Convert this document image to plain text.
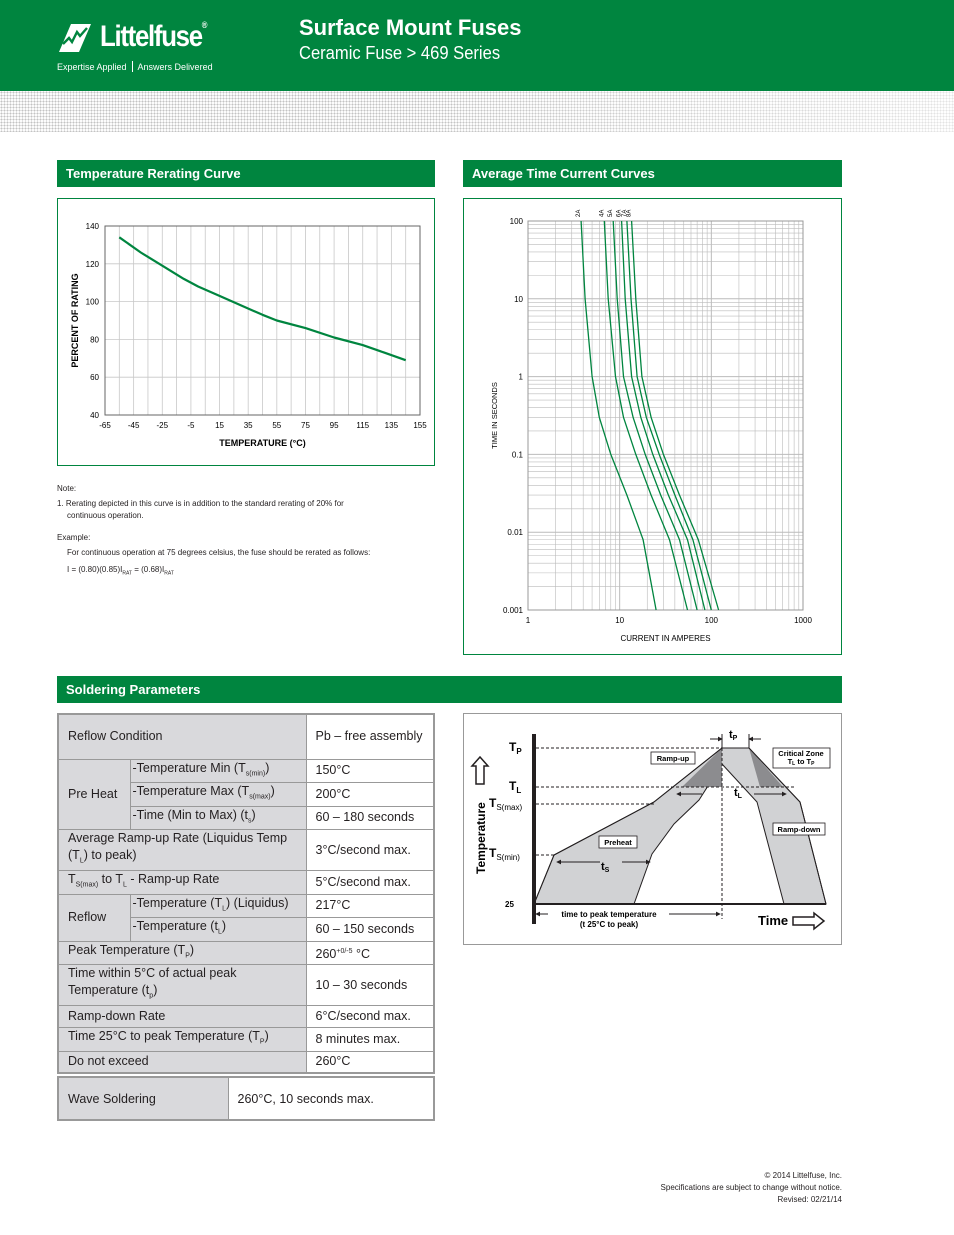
Littelfuse®
Expertise Applied Answers Delivered
Surface Mount Fuses
Ceramic Fuse > 469 Series
Temperature Rerating Curve
40
60
80
100
120
140
-65 -45 -25 -5	15 35 55 75 95 115 135 155
TEMPERATURE (°C)
PERCENT OF RATING

Note:

1. Rerating depicted in this curve is in addition to the standard rerating of 20% for

continuous operation.

Example:

For continuous operation at 75 degrees celsius, the fuse should be rerated as follows:

$I = (0.80)(0.85)I_{RAT} = (0.68)I_{RAT}$

Average Time Current Curves
0.001
0.01
0.1
1
10
100
1	10	100	1000
2A	4A 5A 6A 7A
8A
CURRENT IN AMPERES
TIME IN SECONDS
Soldering Parameters
Reflow Condition		Pb – free assembly
Pre Heat	-Temperature Min $(T_{s(min)})$	150°C
	-Temperature Max $(T_{s(max)})$	200°C
	-Time (Min to Max) $(t_s)$	60 – 180 seconds
Average Ramp-up Rate (Liquidus Temp $(T_L)$ to peak)		3°C/second max.
$T_{S(max)}$ to $T_L$ - Ramp-up Rate		5°C/second max.
Reflow	-Temperature $(T_L)$ (Liquidus)	217°C
	-Temperature $(t_L)$	60 – 150 seconds
Peak Temperature $(T_P)$		$260^{+0/-5}$ °C
Time within 5°C of actual peak Temperature $(t_p)$		10 – 30 seconds
Ramp-down Rate		6°C/second max.
Time 25°C to peak Temperature $(T_P)$		8 minutes max.
Do not exceed		260°C
Wave Soldering	260°C, 10 seconds max.
$T_P$
$T_L$
$T_{S(max)}$
$T_{S(min)}$
25
Temperature
Time
tP
tL
tS
Ramp-up
Ramp-down
Preheat
Critical Zone
TL to TP
time to peak temperature
(t 25°C to peak)
© 2014 Littelfuse, Inc.
Specifications are subject to change without notice.
Revised: 02/21/14
